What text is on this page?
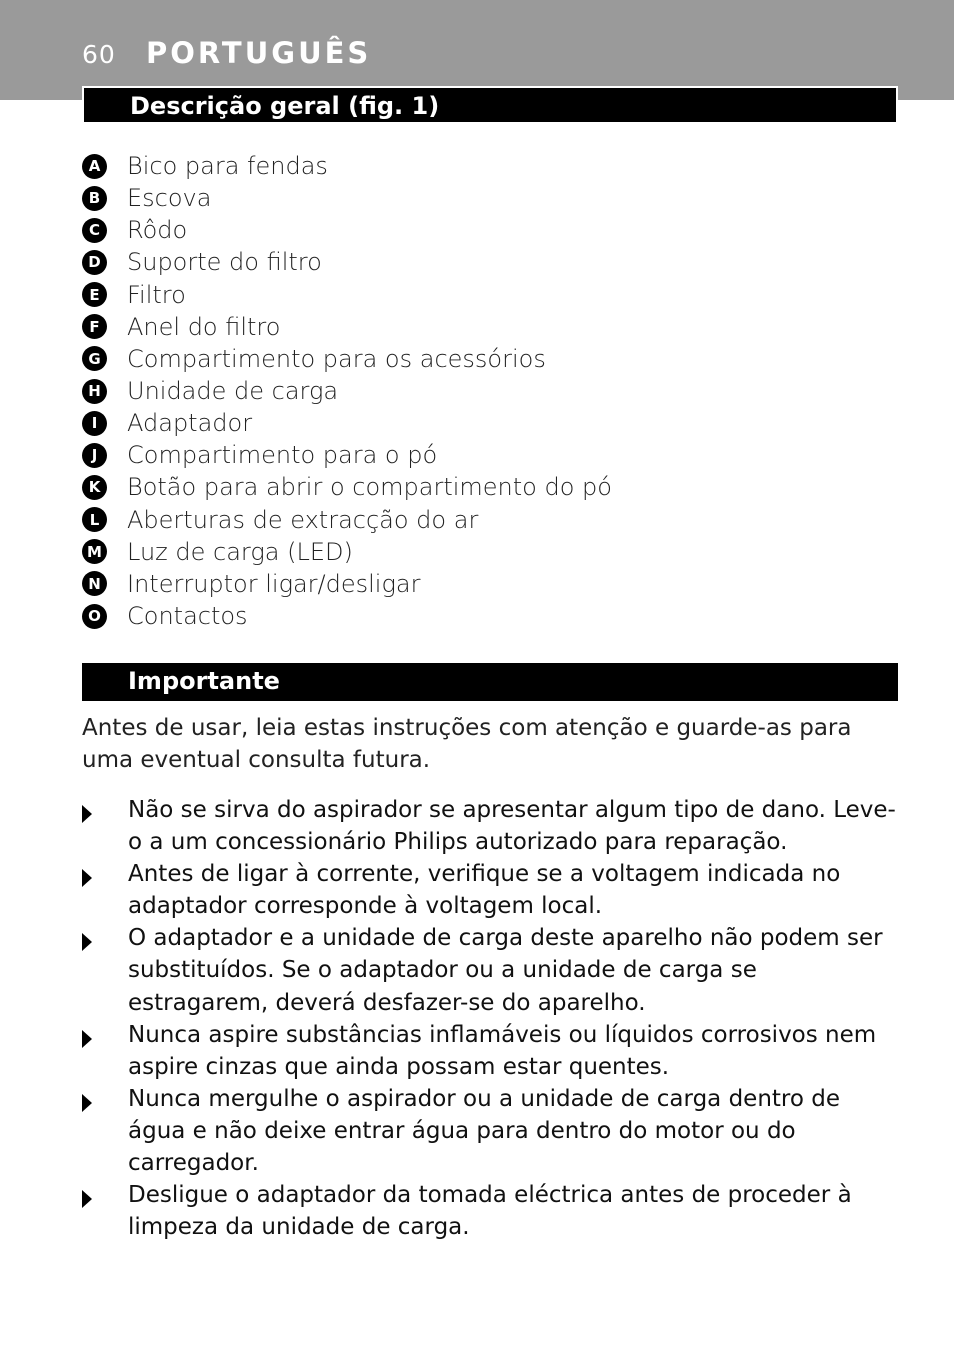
60 PORTUGUÊS
Descrição geral (fig. 1)
A Bico para fendas
B Escova
C Rôdo
D Suporte do filtro
E	Filtro
F	Anel do filtro
G Compartimento para os acessórios
H Unidade de carga
I	Adaptador
J	Compartimento para o pó
K Botão para abrir o compartimento do pó
L	Aberturas de extracção do ar
M Luz de carga (LED)
N Interruptor ligar/desligar
O Contactos
Importante

Antes de usar, leia estas instruções com atenção e guarde-as para uma eventual consulta futura.

Não se sirva do aspirador se apresentar algum tipo de dano. Leve-o a um concessionário Philips autorizado para reparação.
Antes de ligar à corrente, verifique se a voltagem indicada no adaptador corresponde à voltagem local.
O adaptador e a unidade de carga deste aparelho não podem ser substituídos. Se o adaptador ou a unidade de carga se estragarem, deverá desfazer-se do aparelho.
Nunca aspire substâncias inflamáveis ou líquidos corrosivos nem aspire cinzas que ainda possam estar quentes.
Nunca mergulhe o aspirador ou a unidade de carga dentro de água e não deixe entrar água para dentro do motor ou do carregador.
Desligue o adaptador da tomada eléctrica antes de proceder à limpeza da unidade de carga.
